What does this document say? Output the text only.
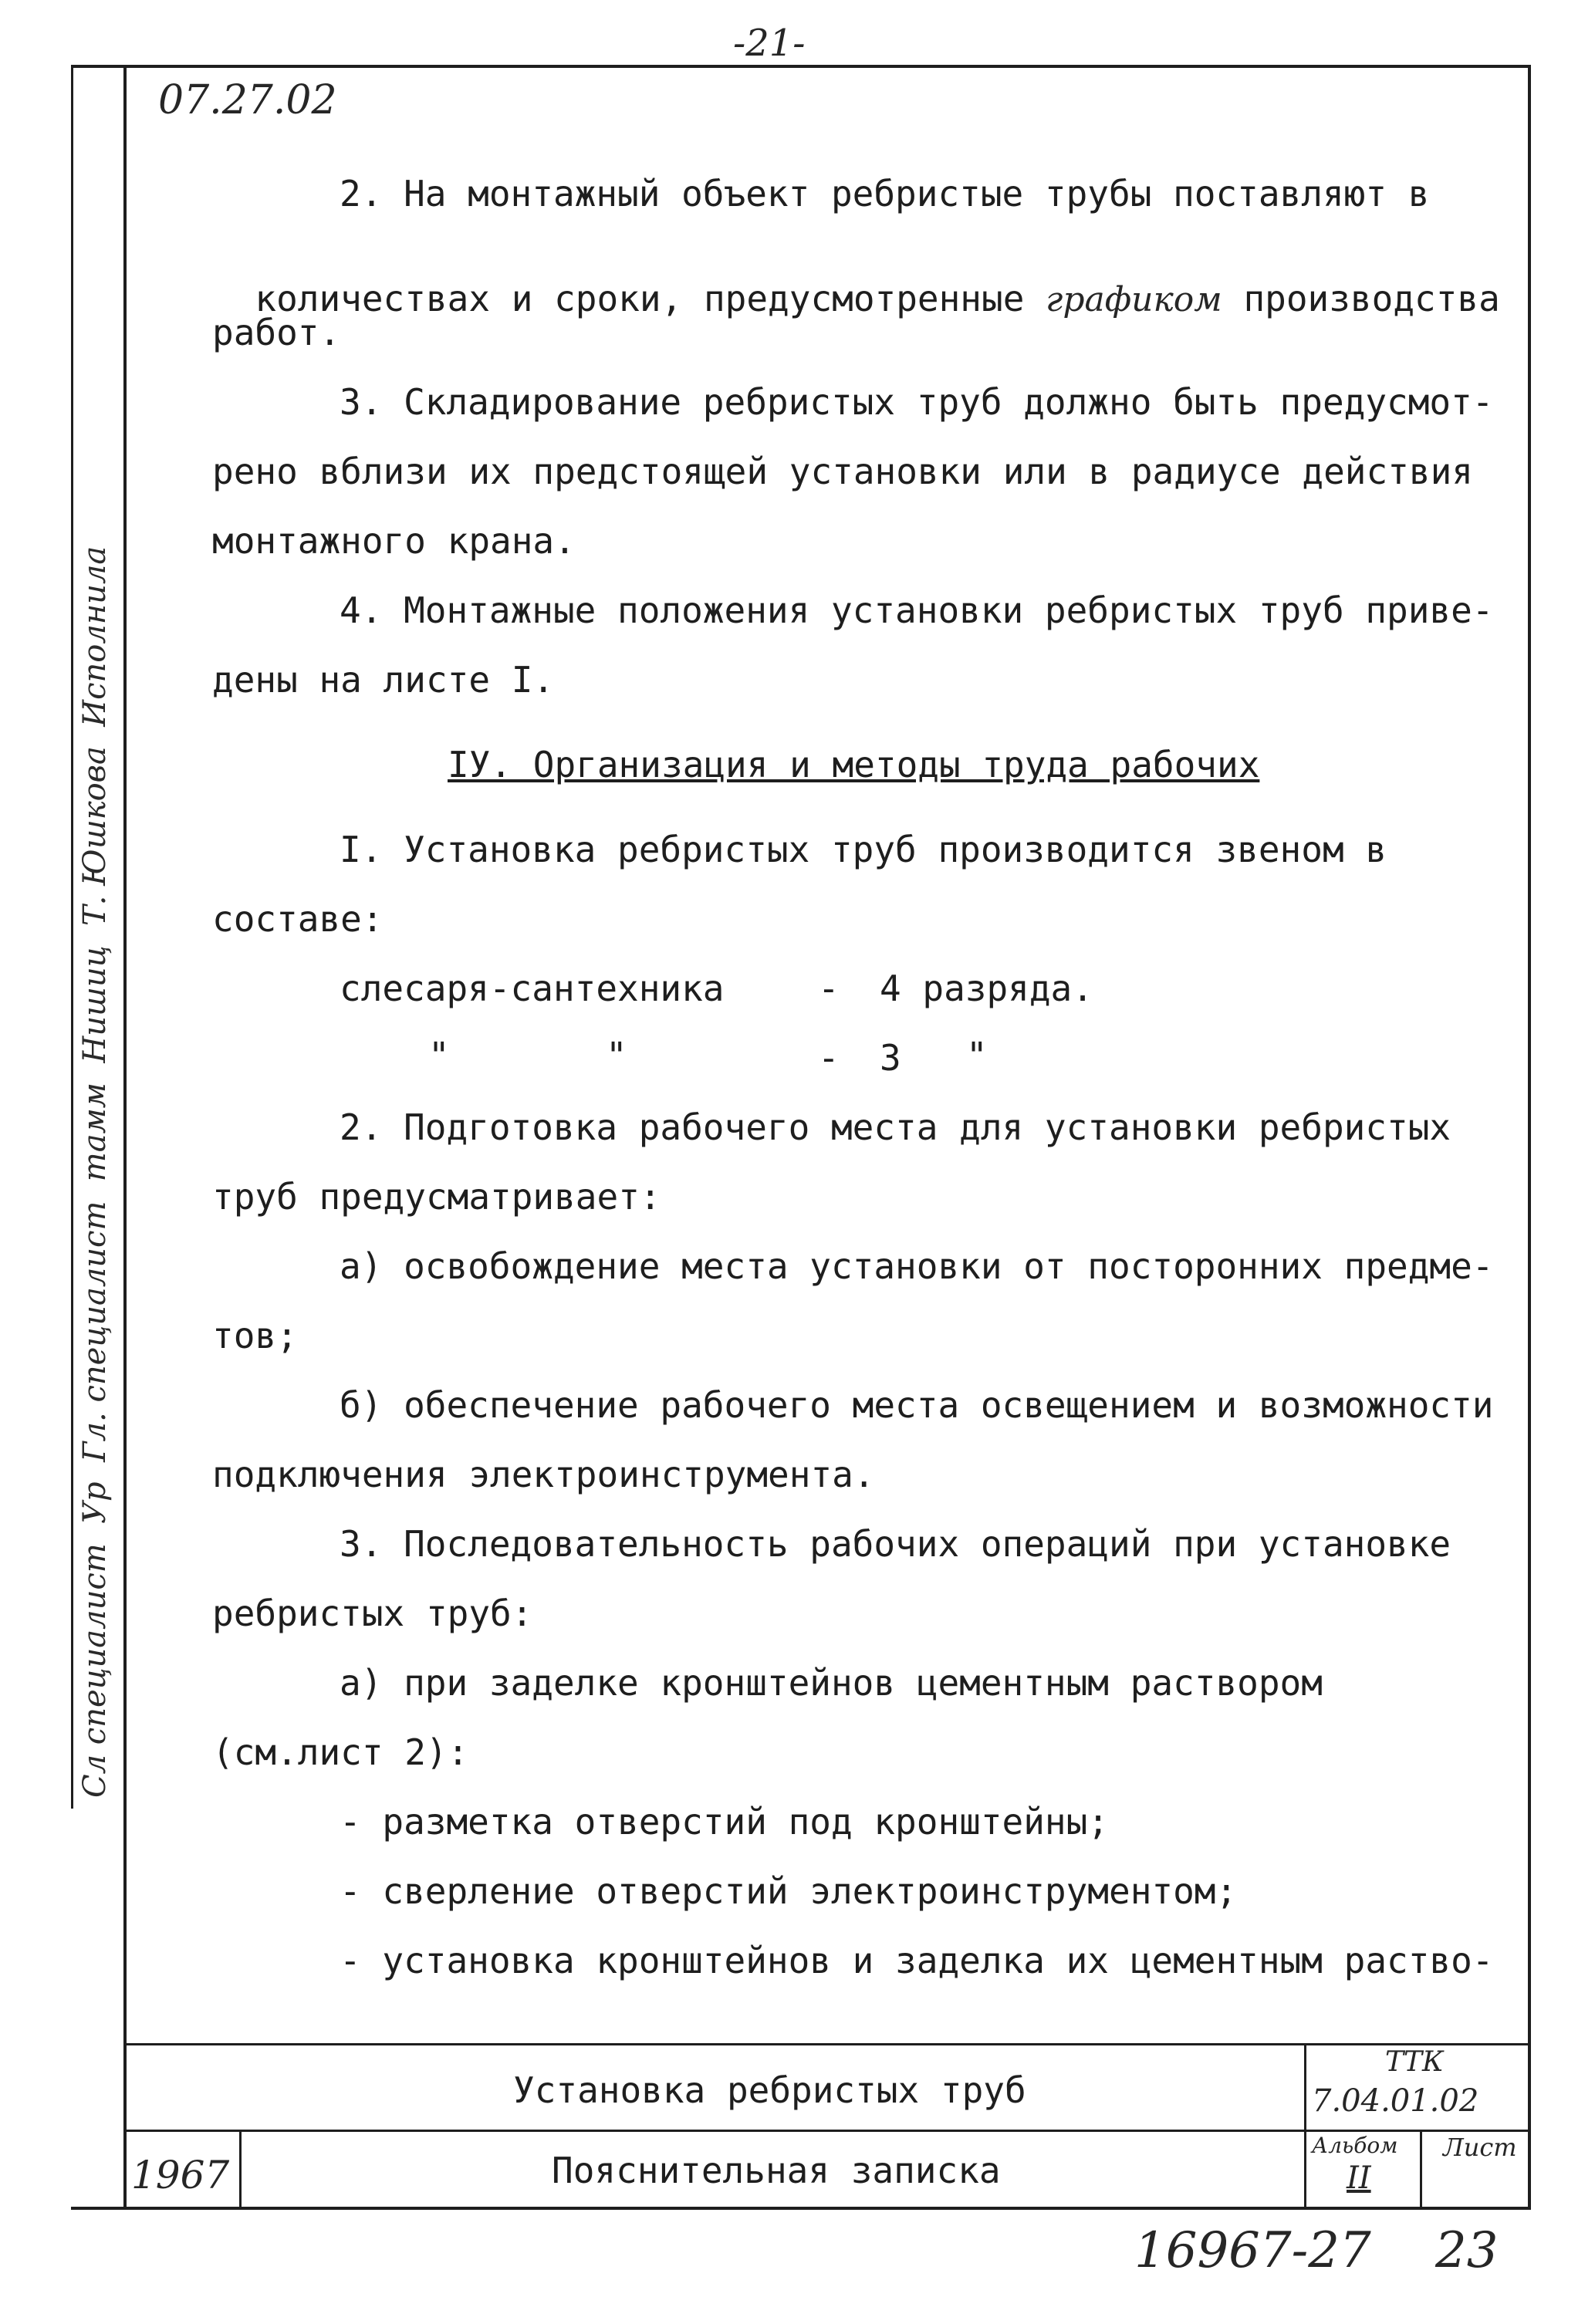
-21-
07.27.02
Сл специалист  Ур  Гл. специалист  тамм  Нишиц  Т. Юшкова  Исполнила
2. На монтажный объект ребристые трубы поставляют в

количествах и сроки, предусмотренные графиком производства

работ.
3. Складирование ребристых труб должно быть предусмот-
рено вблизи их предстоящей установки или в радиусе действия
монтажного крана.
4. Монтажные положения установки ребристых труб приве-
дены на листе I.
IУ. Организация и методы труда рабочих
I. Установка ребристых труб производится звеном в
составе:
слесаря-сантехника	- 4 разряда.
"	"	- 3 "
2. Подготовка рабочего места для установки ребристых
труб предусматривает:
а) освобождение места установки от посторонних предме-
тов;
б) обеспечение рабочего места освещением и возможности
подключения электроинструмента.
3. Последовательность рабочих операций при установке
ребристых труб:
а) при заделке кронштейнов цементным раствором
(см.лист 2):
- разметка отверстий под кронштейны;
- сверление отверстий электроинструментом;
- установка кронштейнов и заделка их цементным раство-
Установка ребристых труб
Пояснительная записка
ТТК
7.04.01.02
Альбом
II
Лист
1967
16967-27 23
